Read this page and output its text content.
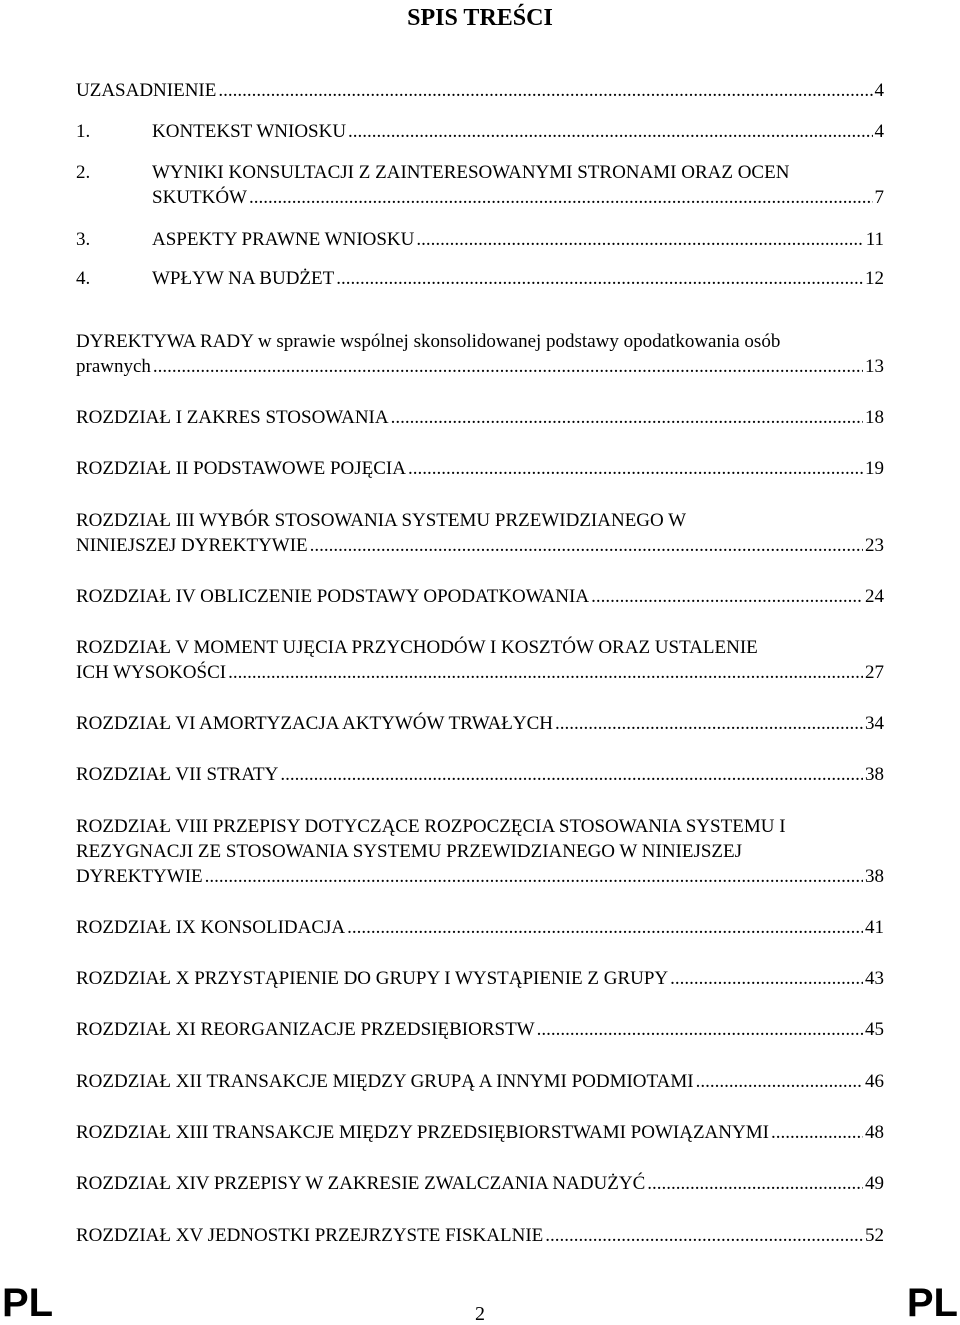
SPIS TREŚCI
UZASADNIENIE .....	4
1.	KONTEKST WNIOSKU .....	4
2.	WYNIKI KONSULTACJI Z ZAINTERESOWANYMI STRONAMI ORAZ OCEN
SKUTKÓW .....	7
3.	ASPEKTY PRAWNE WNIOSKU .....	11
4.	WPŁYW NA BUDŻET .....	12
DYREKTYWA RADY w sprawie wspólnej skonsolidowanej podstawy opodatkowania osób
prawnych .....	13
ROZDZIAŁ I ZAKRES STOSOWANIA .....	18
ROZDZIAŁ II PODSTAWOWE POJĘCIA .....	19
ROZDZIAŁ III WYBÓR STOSOWANIA SYSTEMU PRZEWIDZIANEGO W
NINIEJSZEJ DYREKTYWIE .....	23
ROZDZIAŁ IV OBLICZENIE PODSTAWY OPODATKOWANIA .....	24
ROZDZIAŁ V MOMENT UJĘCIA PRZYCHODÓW I KOSZTÓW ORAZ USTALENIE
ICH WYSOKOŚCI .....	27
ROZDZIAŁ VI AMORTYZACJA AKTYWÓW TRWAŁYCH .....	34
ROZDZIAŁ VII STRATY .....	38
ROZDZIAŁ VIII PRZEPISY DOTYCZĄCE ROZPOCZĘCIA STOSOWANIA SYSTEMU I
REZYGNACJI ZE STOSOWANIA SYSTEMU PRZEWIDZIANEGO W NINIEJSZEJ
DYREKTYWIE .....	38
ROZDZIAŁ IX KONSOLIDACJA .....	41
ROZDZIAŁ X PRZYSTĄPIENIE DO GRUPY I WYSTĄPIENIE Z GRUPY .....	43
ROZDZIAŁ XI REORGANIZACJE PRZEDSIĘBIORSTW .....	45
ROZDZIAŁ XII TRANSAKCJE MIĘDZY GRUPĄ A INNYMI PODMIOTAMI .....	46
ROZDZIAŁ XIII TRANSAKCJE MIĘDZY PRZEDSIĘBIORSTWAMI POWIĄZANYMI .....	48
ROZDZIAŁ XIV PRZEPISY W ZAKRESIE ZWALCZANIA NADUŻYĆ .....	49
ROZDZIAŁ XV JEDNOSTKI PRZEJRZYSTE FISKALNIE .....	52
PL	2	PL
